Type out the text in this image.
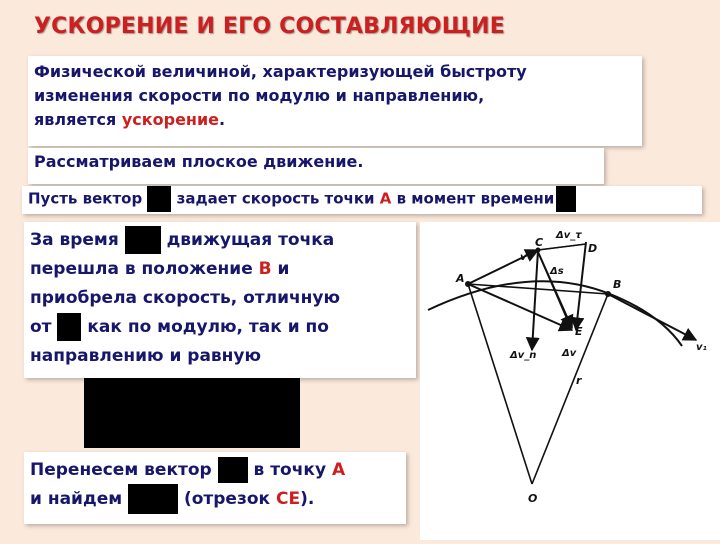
УСКОРЕНИЕ И ЕГО СОСТАВЛЯЮЩИЕ
Физической величиной, характеризующей быстроту
изменения скорости по модулю и направлению,
является ускорение.
Рассматриваем плоское движение.
Пусть вектор  задает скорость точки А в момент времени
За время  движущая точка
перешла в положение В и
приобрела скорость, отличную
от  как по модулю, так и по
направлению и равную
Перенесем вектор  в точку А
и найдем	(отрезок СЕ).
A	B
C	D
E
O
r
v
v₁
Δs
Δv_τ
Δv_n	Δv
